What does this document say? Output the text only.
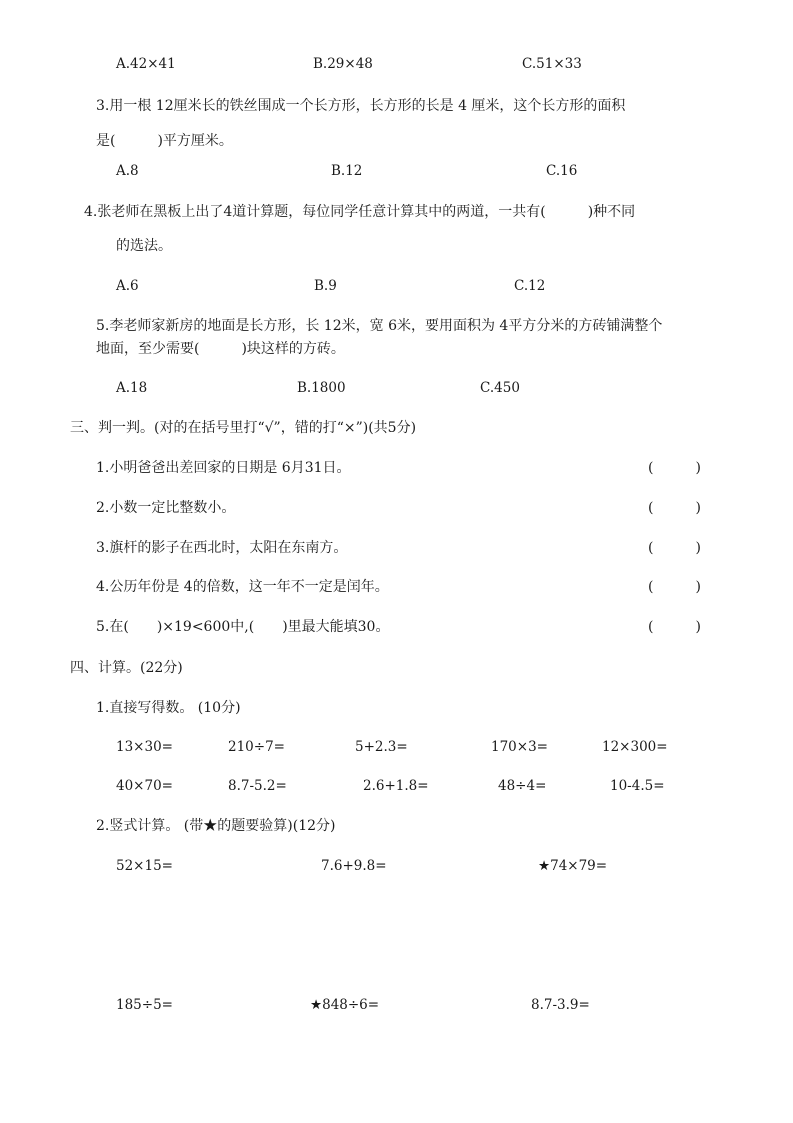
A.42×41	B.29×48	C.51×33
3.用一根 12厘米长的铁丝围成一个长方形，长方形的长是 4 厘米，这个长方形的面积
是(　　　)平方厘米。
A.8	B.12	C.16
4.张老师在黑板上出了4道计算题，每位同学任意计算其中的两道，一共有(　　　)种不同
的选法。
A.6	B.9	C.12
5.李老师家新房的地面是长方形，长 12米，宽 6米，要用面积为 4平方分米的方砖铺满整个
地面，至少需要(　　　)块这样的方砖。
A.18	B.1800	C.450
三、判一判。(对的在括号里打“√”，错的打“×”)(共5分)
1.小明爸爸出差回家的日期是 6月31日。	(　　　)
2.小数一定比整数小。	(　　　)
3.旗杆的影子在西北时，太阳在东南方。	(　　　)
4.公历年份是 4的倍数，这一年不一定是闰年。	(　　　)
5.在(　　)×19<600中,(　　)里最大能填30。	(　　　)
四、计算。(22分)
1.直接写得数。 (10分)
13×30=	210÷7=	5+2.3=	170×3=	12×300=
40×70=	8.7-5.2=	2.6+1.8=	48÷4=	10-4.5=
2.竖式计算。 (带★的题要验算)(12分)
52×15=	7.6+9.8=	★74×79=
185÷5=	★848÷6=	8.7-3.9=
